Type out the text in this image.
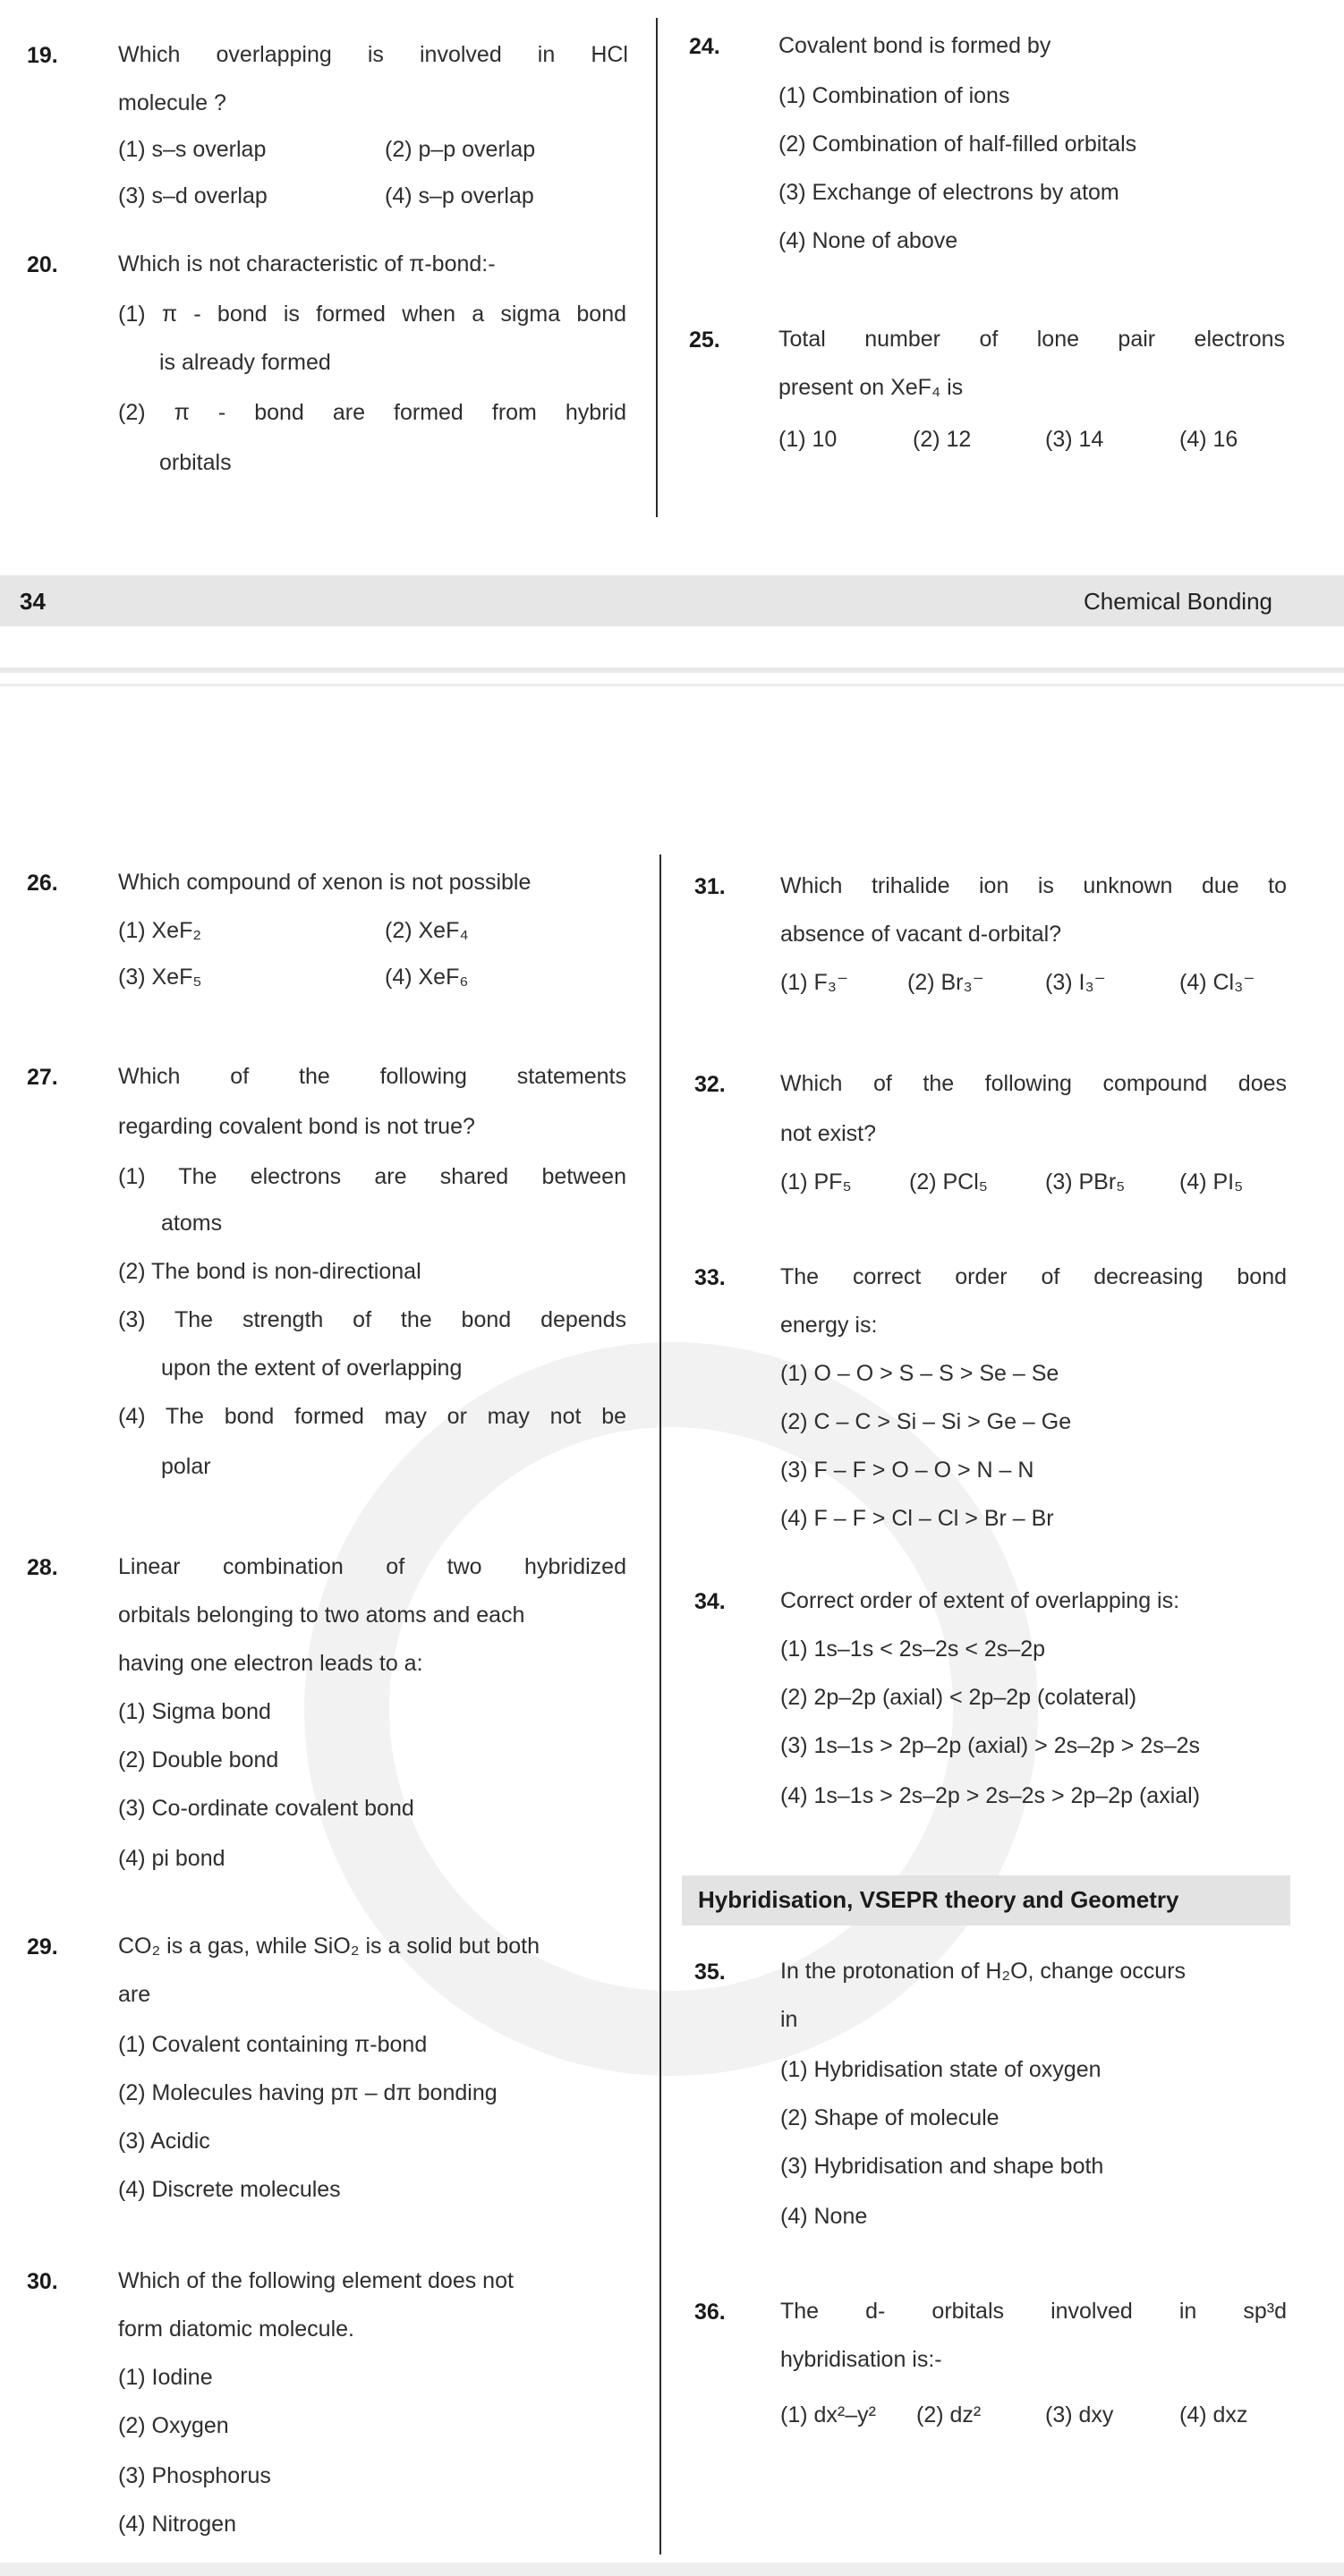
19.	Which overlapping is involved in HCl
molecule ?
(1) s–s overlap	(2) p–p overlap
(3) s–d overlap	(4) s–p overlap
20.	Which is not characteristic of π-bond:-
(1) π - bond is formed when a sigma bond
is already formed
(2) π - bond are formed from hybrid
orbitals
24.	Covalent bond is formed by
(1) Combination of ions
(2) Combination of half-filled orbitals
(3) Exchange of electrons by atom
(4) None of above
25.	Total number of lone pair electrons
present on XeF₄ is
(1) 10	(2) 12	(3) 14	(4) 16
34	Chemical Bonding
26.	Which compound of xenon is not possible
(1) XeF₂	(2) XeF₄
(3) XeF₅	(4) XeF₆
27.	Which of the following statements
regarding covalent bond is not true?
(1) The electrons are shared between
atoms
(2) The bond is non-directional
(3) The strength of the bond depends
upon the extent of overlapping
(4) The bond formed may or may not be
polar
28.	Linear combination of two hybridized
orbitals belonging to two atoms and each
having one electron leads to a:
(1) Sigma bond
(2) Double bond
(3) Co-ordinate covalent bond
(4) pi bond
29.	CO₂ is a gas, while SiO₂ is a solid but both
are
(1) Covalent containing π-bond
(2) Molecules having pπ – dπ bonding
(3) Acidic
(4) Discrete molecules
30.	Which of the following element does not
form diatomic molecule.
(1) Iodine
(2) Oxygen
(3) Phosphorus
(4) Nitrogen
31. Which trihalide ion is unknown due to
absence of vacant d-orbital?
(1) F₃⁻	(2) Br₃⁻	(3) I₃⁻	(4) Cl₃⁻
32. Which of the following compound does
not exist?
(1) PF₅	(2) PCl₅	(3) PBr₅ (4) PI₅
33. The correct order of decreasing bond
energy is:
(1) O – O > S – S > Se – Se
(2) C – C > Si – Si > Ge – Ge
(3) F – F > O – O > N – N
(4) F – F > Cl – Cl > Br – Br
34. Correct order of extent of overlapping is:
(1) 1s–1s < 2s–2s < 2s–2p
(2) 2p–2p (axial) < 2p–2p (colateral)
(3) 1s–1s > 2p–2p (axial) > 2s–2p > 2s–2s
(4) 1s–1s > 2s–2p > 2s–2s > 2p–2p (axial)
Hybridisation, VSEPR theory and Geometry
35. In the protonation of H₂O, change occurs
in
(1) Hybridisation state of oxygen
(2) Shape of molecule
(3) Hybridisation and shape both
(4) None
36. The d- orbitals involved in sp³d
hybridisation is:-
(1) dx²–y² (2) dz²	(3) dxy	(4) dxz
